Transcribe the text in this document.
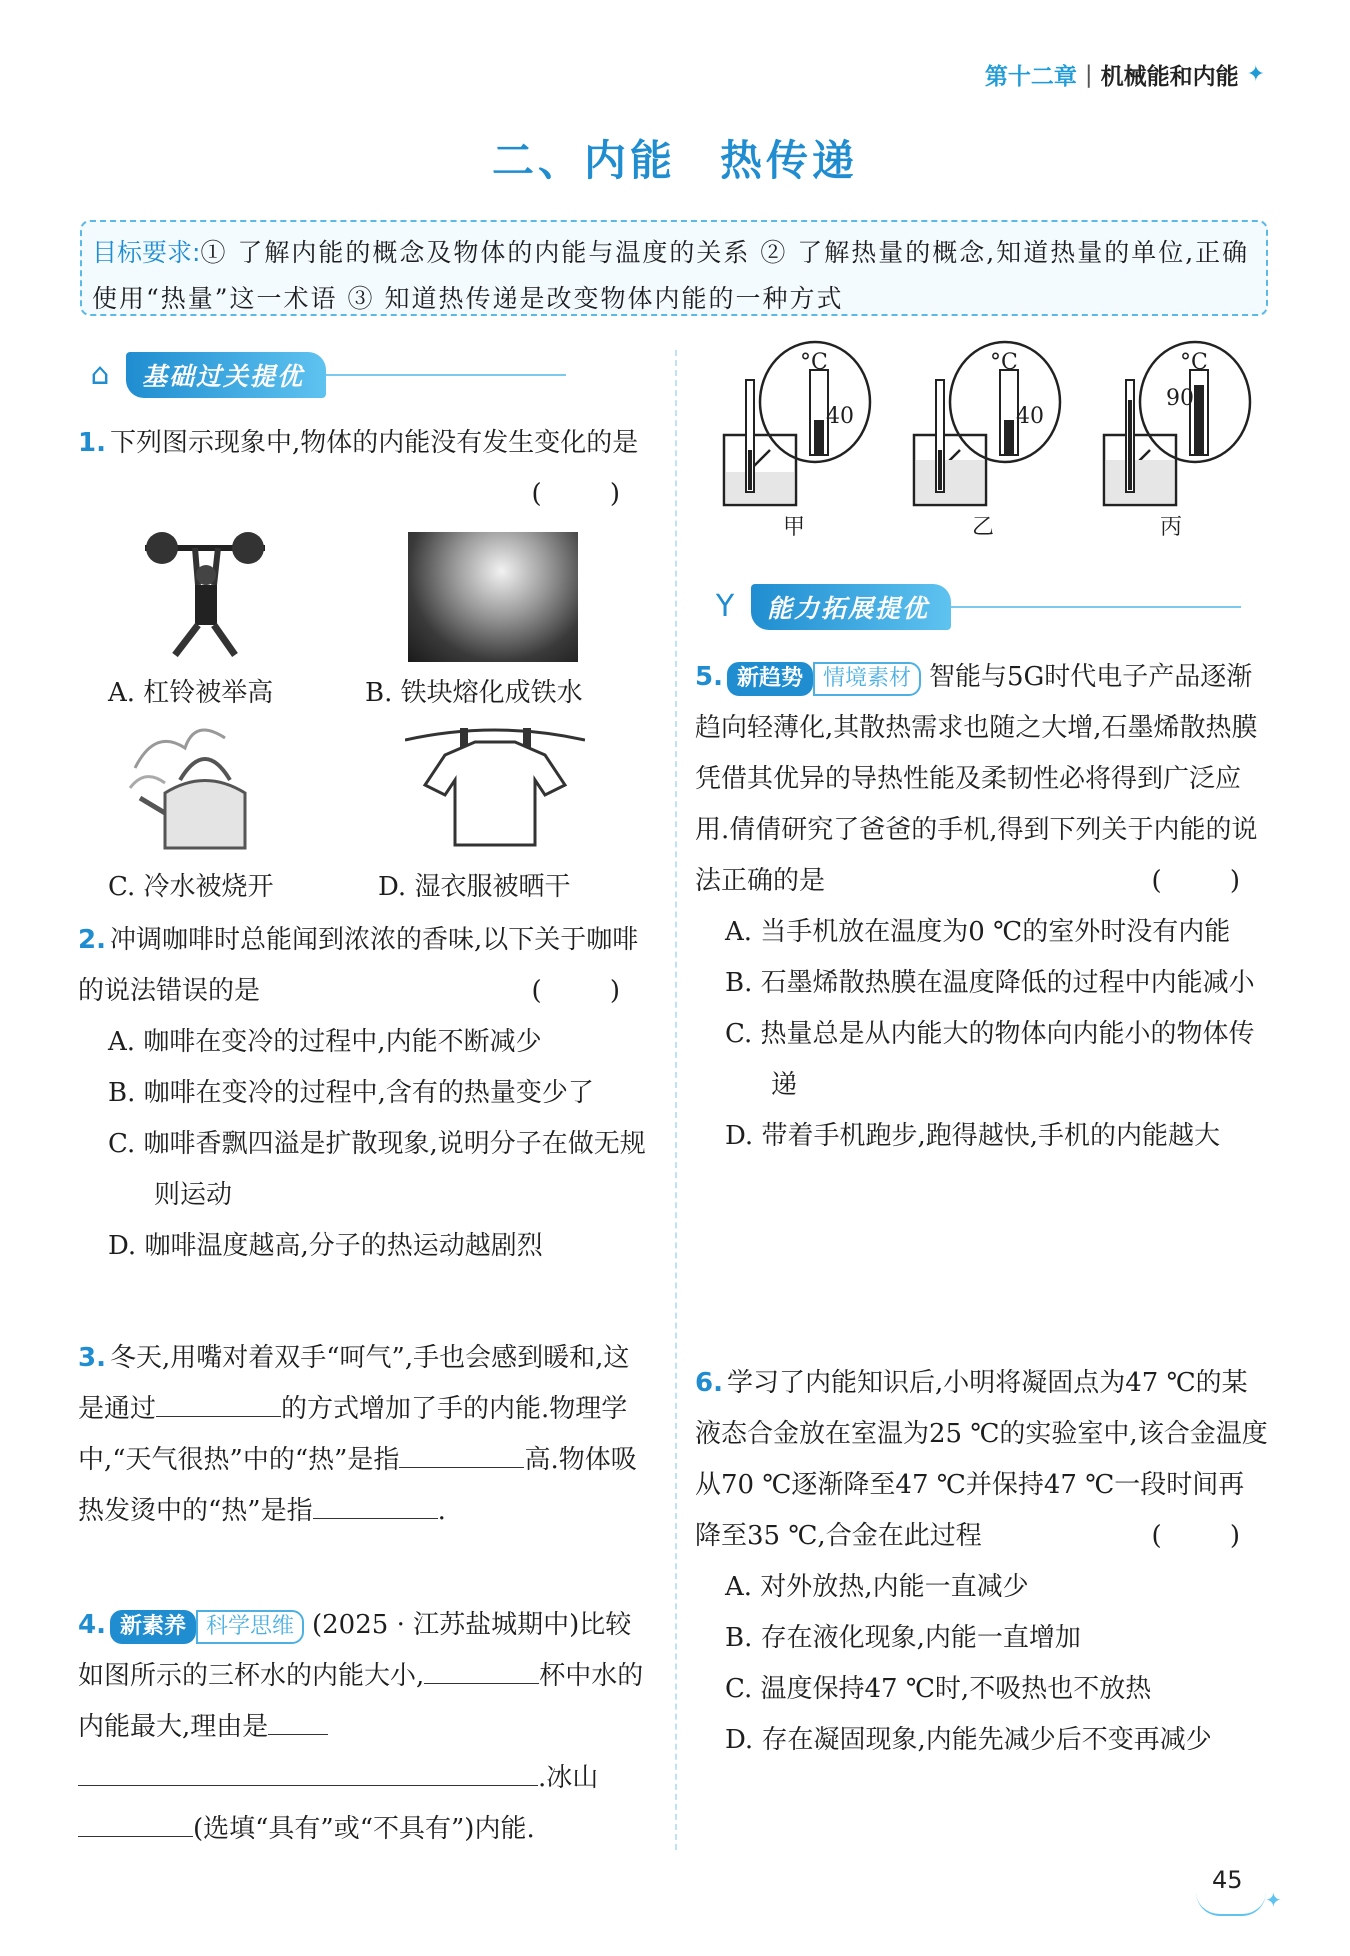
第十二章 | 机械能和内能 ✦
二、内能 热传递
目标要求:① 了解内能的概念及物体的内能与温度的关系 ② 了解热量的概念,知道热量的单位,正确使用“热量”这一术语 ③ 知道热传递是改变物体内能的一种方式
⌂	基础过关提优
1. 下列图示现象中,物体的内能没有发生变化的是
( )
A. 杠铃被举高	B. 铁块熔化成铁水
C. 冷水被烧开	D. 湿衣服被晒干
2. 冲调咖啡时总能闻到浓浓的香味,以下关于咖啡的说法错误的是	( )
A. 咖啡在变冷的过程中,内能不断减少
B. 咖啡在变冷的过程中,含有的热量变少了
C. 咖啡香飘四溢是扩散现象,说明分子在做无规则运动
D. 咖啡温度越高,分子的热运动越剧烈
3. 冬天,用嘴对着双手“呵气”,手也会感到暖和,这是通过	的方式增加了手的内能.物理学中,“天气很热”中的“热”是指	高.物体吸热发烫中的“热”是指	.
4. 新素养 科学思维 (2025 · 江苏盐城期中)比较如图所示的三杯水的内能大小,	杯中水的内能最大,理由是.冰山(选填“具有”或“不具有”)内能.
°C
40
°C
40
°C
90
甲	乙	丙
Y	能力拓展提优
5. 新趋势 情境素材 智能与5G时代电子产品逐渐趋向轻薄化,其散热需求也随之大增,石墨烯散热膜凭借其优异的导热性能及柔韧性必将得到广泛应用.倩倩研究了爸爸的手机,得到下列关于内能的说法正确的是	( )
A. 当手机放在温度为0 ℃的室外时没有内能
B. 石墨烯散热膜在温度降低的过程中内能减小
C. 热量总是从内能大的物体向内能小的物体传递
D. 带着手机跑步,跑得越快,手机的内能越大
6. 学习了内能知识后,小明将凝固点为47 ℃的某液态合金放在室温为25 ℃的实验室中,该合金温度从70 ℃逐渐降至47 ℃并保持47 ℃一段时间再降至35 ℃,合金在此过程	( )
A. 对外放热,内能一直减少
B. 存在液化现象,内能一直增加
C. 温度保持47 ℃时,不吸热也不放热
D. 存在凝固现象,内能先减少后不变再减少
45
✦
